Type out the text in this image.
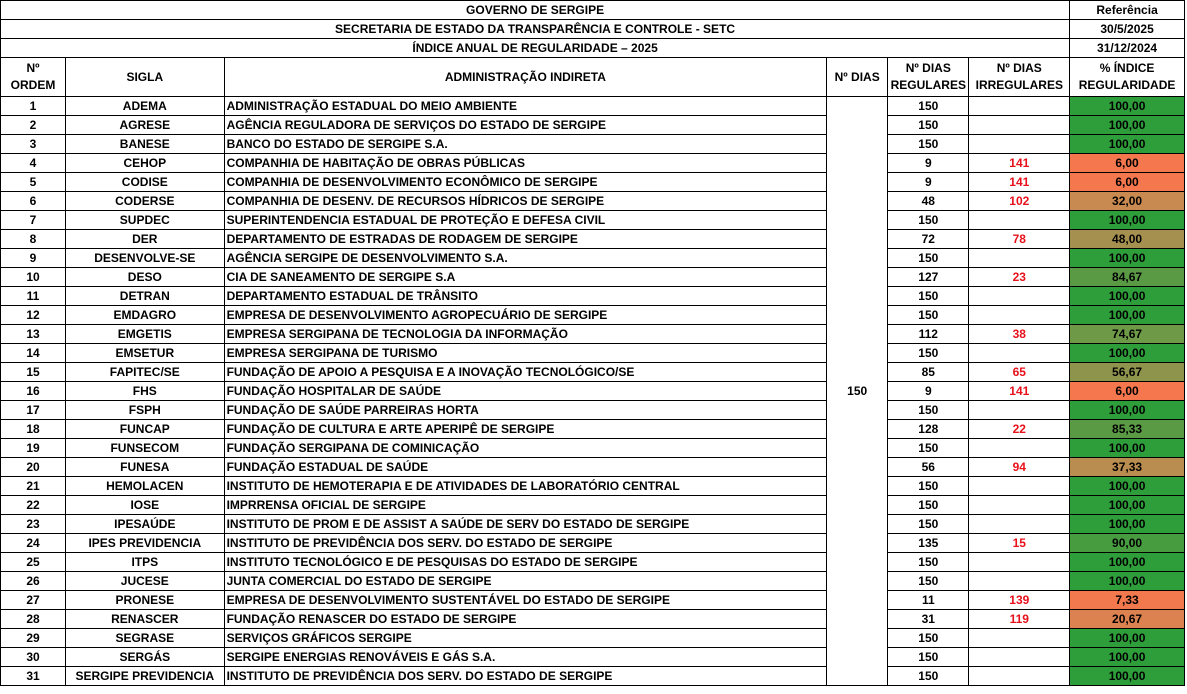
GOVERNO DE SERGIPE						Referência
SECRETARIA DE ESTADO DA TRANSPARÊNCIA E CONTROLE - SETC						30/5/2025
ÍNDICE ANUAL DE REGULARIDADE – 2025						31/12/2024
Nº ORDEM	SIGLA	ADMINISTRAÇÃO INDIRETA	Nº DIAS	Nº DIAS REGULARES	Nº DIAS IRREGULARES	% ÍNDICE REGULARIDADE
1	ADEMA	ADMINISTRAÇÃO ESTADUAL DO MEIO AMBIENTE	150	150		100,00
2	AGRESE	AGÊNCIA REGULADORA DE SERVIÇOS DO ESTADO DE SERGIPE		150		100,00
3	BANESE	BANCO DO ESTADO DE SERGIPE S.A.		150		100,00
4	CEHOP	COMPANHIA DE HABITAÇÃO DE OBRAS PÚBLICAS		9	141	6,00
5	CODISE	COMPANHIA DE DESENVOLVIMENTO ECONÔMICO DE SERGIPE		9	141	6,00
6	CODERSE	COMPANHIA DE DESENV. DE RECURSOS HÍDRICOS DE SERGIPE		48	102	32,00
7	SUPDEC	SUPERINTENDENCIA ESTADUAL DE PROTEÇÃO E DEFESA CIVIL		150		100,00
8	DER	DEPARTAMENTO DE ESTRADAS DE RODAGEM DE SERGIPE		72	78	48,00
9	DESENVOLVE-SE	AGÊNCIA SERGIPE DE DESENVOLVIMENTO S.A.		150		100,00
10	DESO	CIA DE SANEAMENTO DE SERGIPE S.A		127	23	84,67
11	DETRAN	DEPARTAMENTO ESTADUAL DE TRÂNSITO		150		100,00
12	EMDAGRO	EMPRESA DE DESENVOLVIMENTO AGROPECUÁRIO DE SERGIPE		150		100,00
13	EMGETIS	EMPRESA SERGIPANA DE TECNOLOGIA DA INFORMAÇÃO		112	38	74,67
14	EMSETUR	EMPRESA SERGIPANA DE TURISMO		150		100,00
15	FAPITEC/SE	FUNDAÇÃO DE APOIO A PESQUISA E A INOVAÇÃO TECNOLÓGICO/SE		85	65	56,67
16	FHS	FUNDAÇÃO HOSPITALAR DE SAÚDE		9	141	6,00
17	FSPH	FUNDAÇÃO DE SAÚDE PARREIRAS HORTA		150		100,00
18	FUNCAP	FUNDAÇÃO DE CULTURA E ARTE APERIPÊ DE SERGIPE		128	22	85,33
19	FUNSECOM	FUNDAÇÃO SERGIPANA DE COMINICAÇÃO		150		100,00
20	FUNESA	FUNDAÇÃO ESTADUAL DE SAÚDE		56	94	37,33
21	HEMOLACEN	INSTITUTO DE HEMOTERAPIA E DE ATIVIDADES DE LABORATÓRIO CENTRAL		150		100,00
22	IOSE	IMPRRENSA OFICIAL DE SERGIPE		150		100,00
23	IPESAÚDE	INSTITUTO DE PROM E DE ASSIST A SAÚDE DE SERV DO ESTADO DE SERGIPE		150		100,00
24	IPES PREVIDENCIA	INSTITUTO DE PREVIDÊNCIA DOS SERV. DO ESTADO DE SERGIPE		135	15	90,00
25	ITPS	INSTITUTO TECNOLÓGICO E DE PESQUISAS DO ESTADO DE SERGIPE		150		100,00
26	JUCESE	JUNTA COMERCIAL DO ESTADO DE SERGIPE		150		100,00
27	PRONESE	EMPRESA DE DESENVOLVIMENTO SUSTENTÁVEL DO ESTADO DE SERGIPE		11	139	7,33
28	RENASCER	FUNDAÇÃO RENASCER DO ESTADO DE SERGIPE		31	119	20,67
29	SEGRASE	SERVIÇOS GRÁFICOS SERGIPE		150		100,00
30	SERGÁS	SERGIPE ENERGIAS RENOVÁVEIS E GÁS S.A.		150		100,00
31	SERGIPE PREVIDENCIA	INSTITUTO DE PREVIDÊNCIA DOS SERV. DO ESTADO DE SERGIPE		150		100,00
